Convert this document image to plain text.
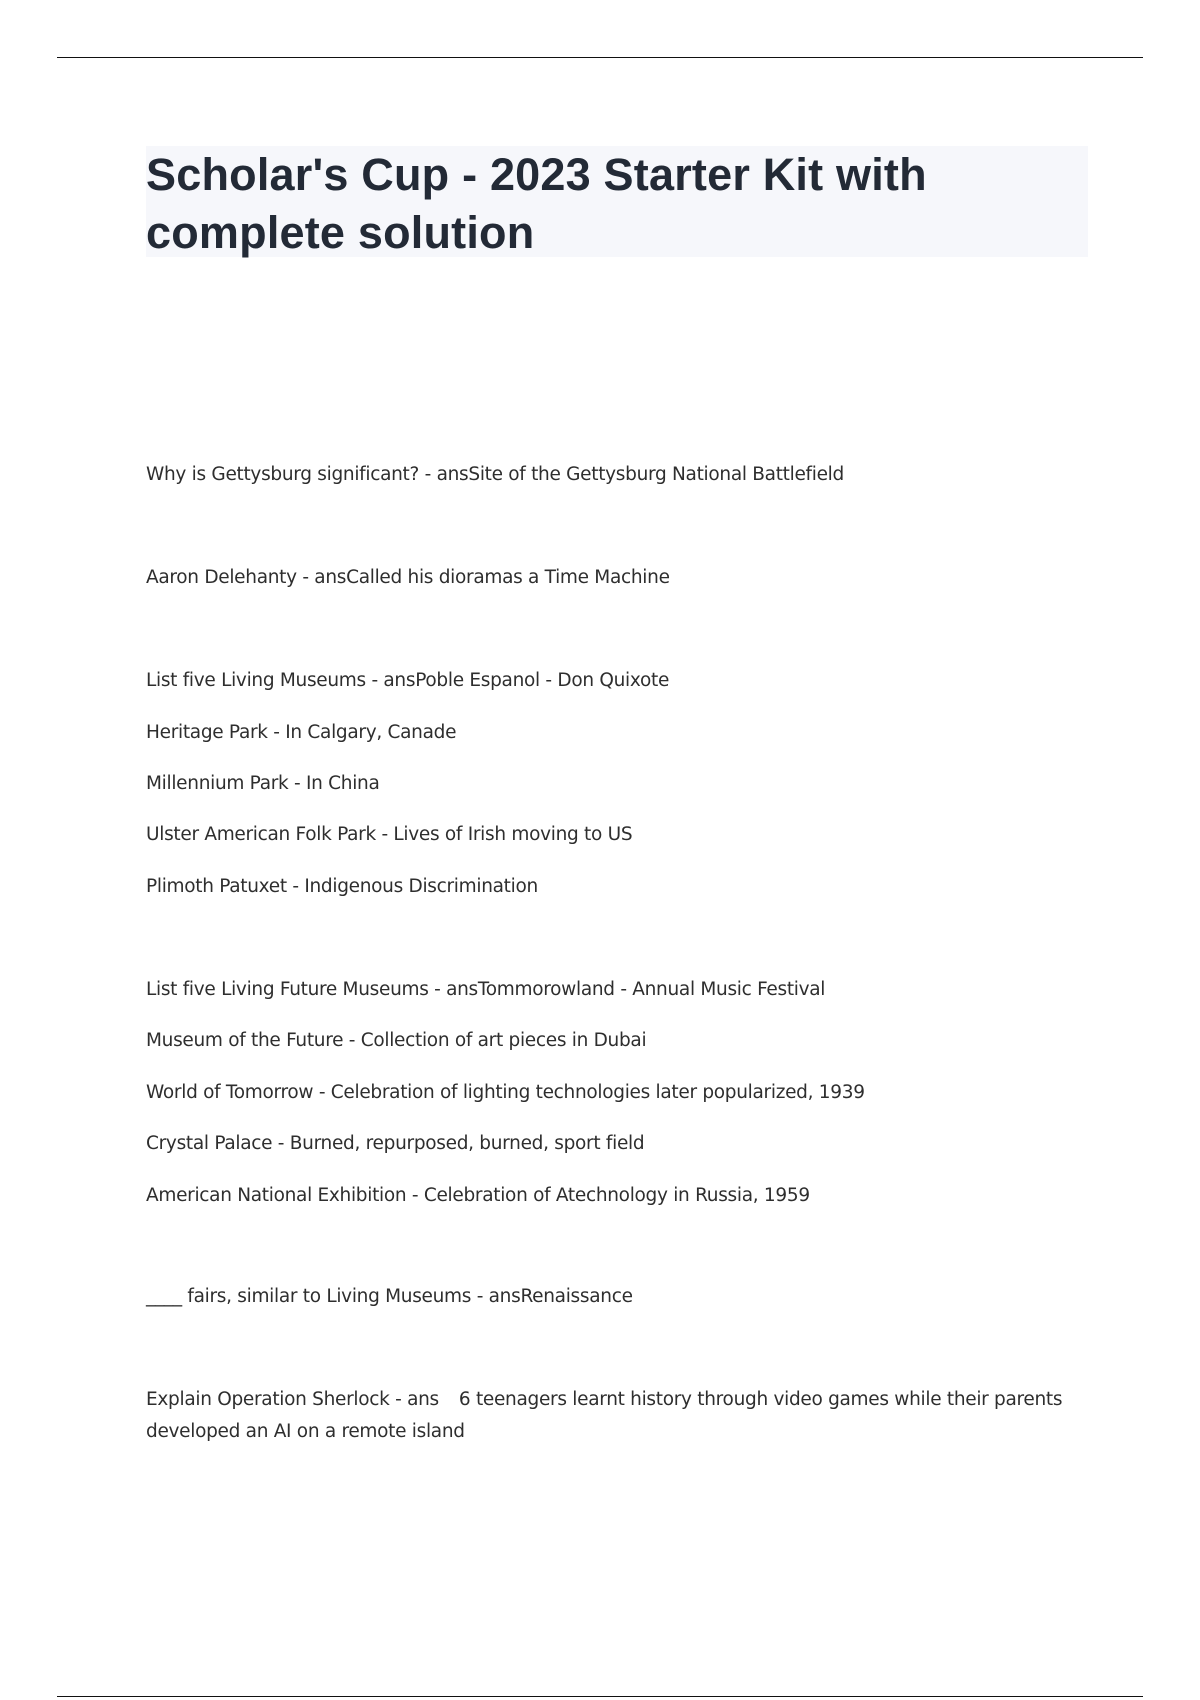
Scholar's Cup - 2023 Starter Kit with complete solution
Why is Gettysburg significant? - ansSite of the Gettysburg National Battlefield
Aaron Delehanty - ansCalled his dioramas a Time Machine
List five Living Museums - ansPoble Espanol - Don Quixote
Heritage Park - In Calgary, Canade
Millennium Park - In China
Ulster American Folk Park - Lives of Irish moving to US
Plimoth Patuxet - Indigenous Discrimination
List five Living Future Museums - ansTommorowland - Annual Music Festival
Museum of the Future - Collection of art pieces in Dubai
World of Tomorrow - Celebration of lighting technologies later popularized, 1939
Crystal Palace - Burned, repurposed, burned, sport field
American National Exhibition - Celebration of Atechnology in Russia, 1959
____ fairs, similar to Living Museums - ansRenaissance
Explain Operation Sherlock - ans 6 teenagers learnt history through video games while their parents developed an AI on a remote island
